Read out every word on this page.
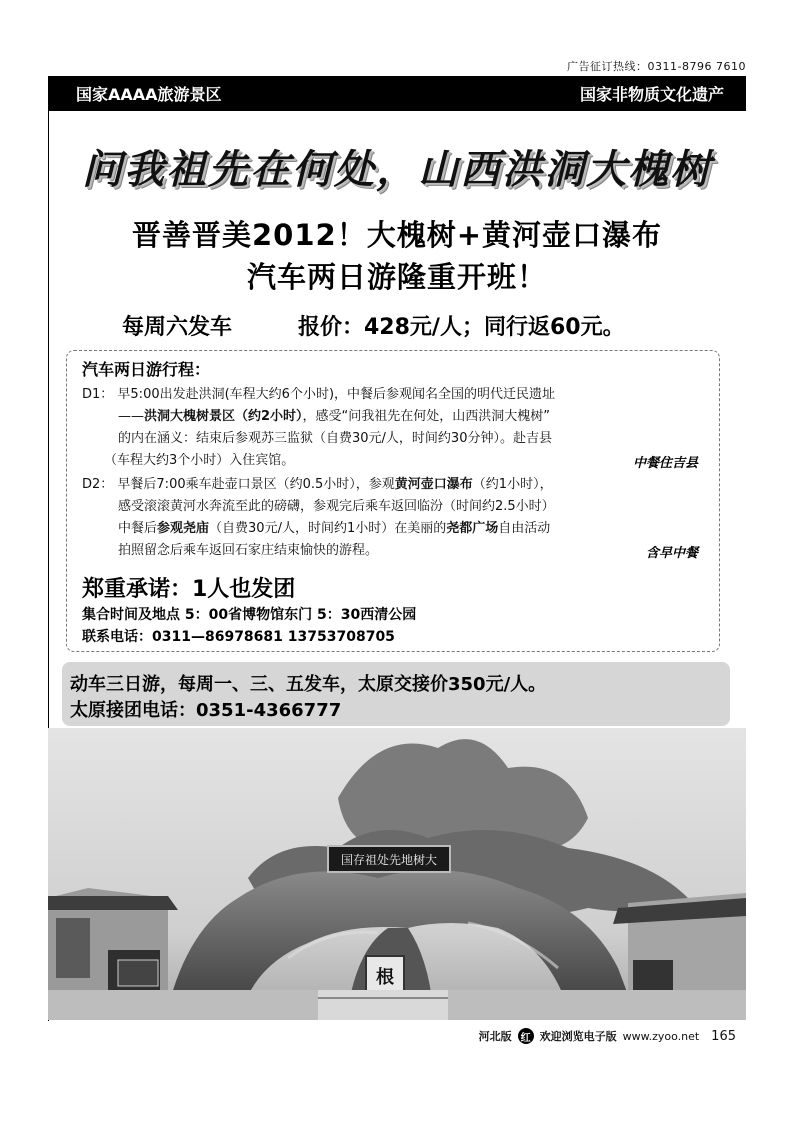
广告征订热线：0311-8796 7610
国家AAAA旅游景区	国家非物质文化遗产
问我祖先在何处，山西洪洞大槐树
晋善晋美2012！大槐树+黄河壶口瀑布
汽车两日游隆重开班！
每周六发车	报价：428元/人；同行返60元。
汽车两日游行程：
D1： 早5:00出发赴洪洞(车程大约6个小时)，中餐后参观闻名全国的明代迁民遗址
——洪洞大槐树景区（约2小时），感受“问我祖先在何处，山西洪洞大槐树”
的内在涵义：结束后参观苏三监狱（自费30元/人，时间约30分钟）。赴吉县
（车程大约3个小时）入住宾馆。	中餐住吉县
D2： 早餐后7:00乘车赴壶口景区（约0.5小时），参观黄河壶口瀑布（约1小时），
感受滚滚黄河水奔流至此的磅礴，参观完后乘车返回临汾（时间约2.5小时）
中餐后参观尧庙（自费30元/人，时间约1小时）在美丽的尧都广场自由活动
拍照留念后乘车返回石家庄结束愉快的游程。	含早中餐
郑重承诺：1人也发团
集合时间及地点 5：00省博物馆东门 5：30西清公园
联系电话：0311—86978681 13753708705
动车三日游，每周一、三、五发车，太原交接价350元/人。
太原接团电话：0351-4366777
国存祖处先地树大
根
河北版 红 欢迎浏览电子版 www.zyoo.net 165
